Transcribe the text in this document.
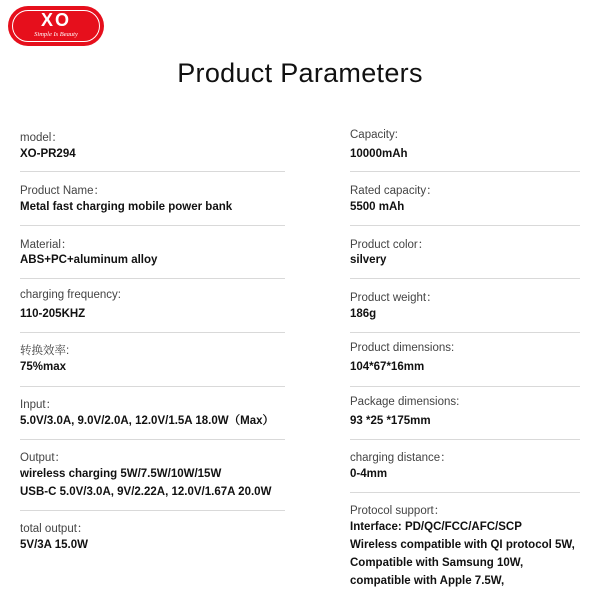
XO
Simple Is Beauty
Product Parameters
model：
XO-PR294
Product Name：
Metal fast charging mobile power bank
Material：
ABS+PC+aluminum alloy
charging frequency:
110-205KHZ
转换效率:
75%max
Input：
5.0V/3.0A, 9.0V/2.0A, 12.0V/1.5A 18.0W（Max）
Output：
wireless charging 5W/7.5W/10W/15W
USB-C 5.0V/3.0A, 9V/2.22A, 12.0V/1.67A 20.0W
total output：
5V/3A 15.0W
Capacity:
10000mAh
Rated capacity：
5500 mAh
Product color：
silvery
Product weight：
186g
Product dimensions:
104*67*16mm
Package dimensions:
93 *25 *175mm
charging distance：
0-4mm
Protocol support：
Interface: PD/QC/FCC/AFC/SCP
Wireless compatible with QI protocol 5W,
Compatible with Samsung 10W,
compatible with Apple 7.5W,
